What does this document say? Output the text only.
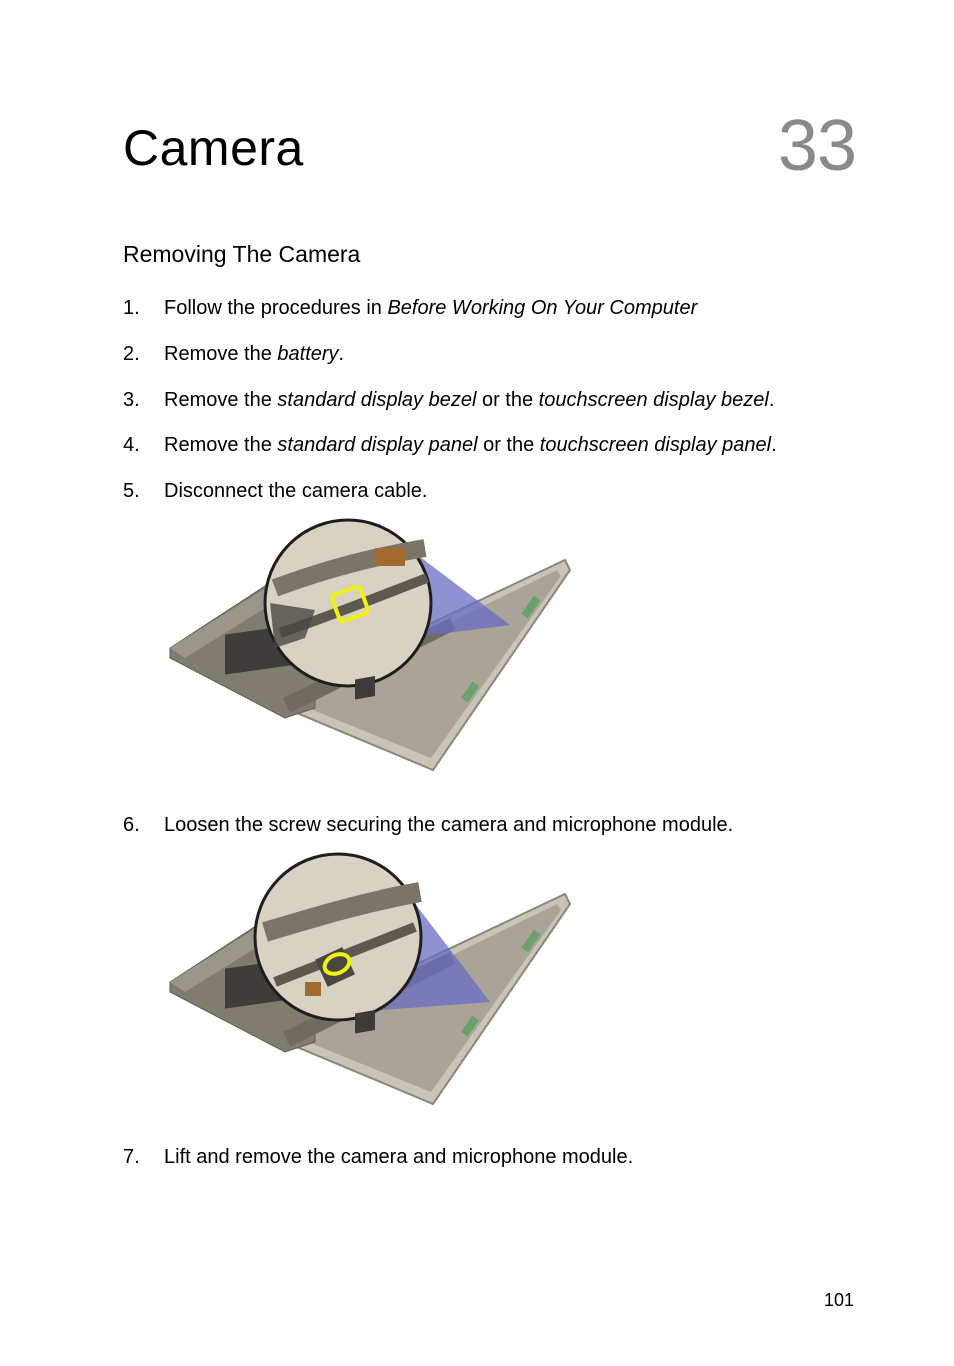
Camera	33
Removing The Camera
1. Follow the procedures in Before Working On Your Computer
2. Remove the battery.
3. Remove the standard display bezel or the touchscreen display bezel.
4. Remove the standard display panel or the touchscreen display panel.
5. Disconnect the camera cable.
6. Loosen the screw securing the camera and microphone module.
7. Lift and remove the camera and microphone module.
101
